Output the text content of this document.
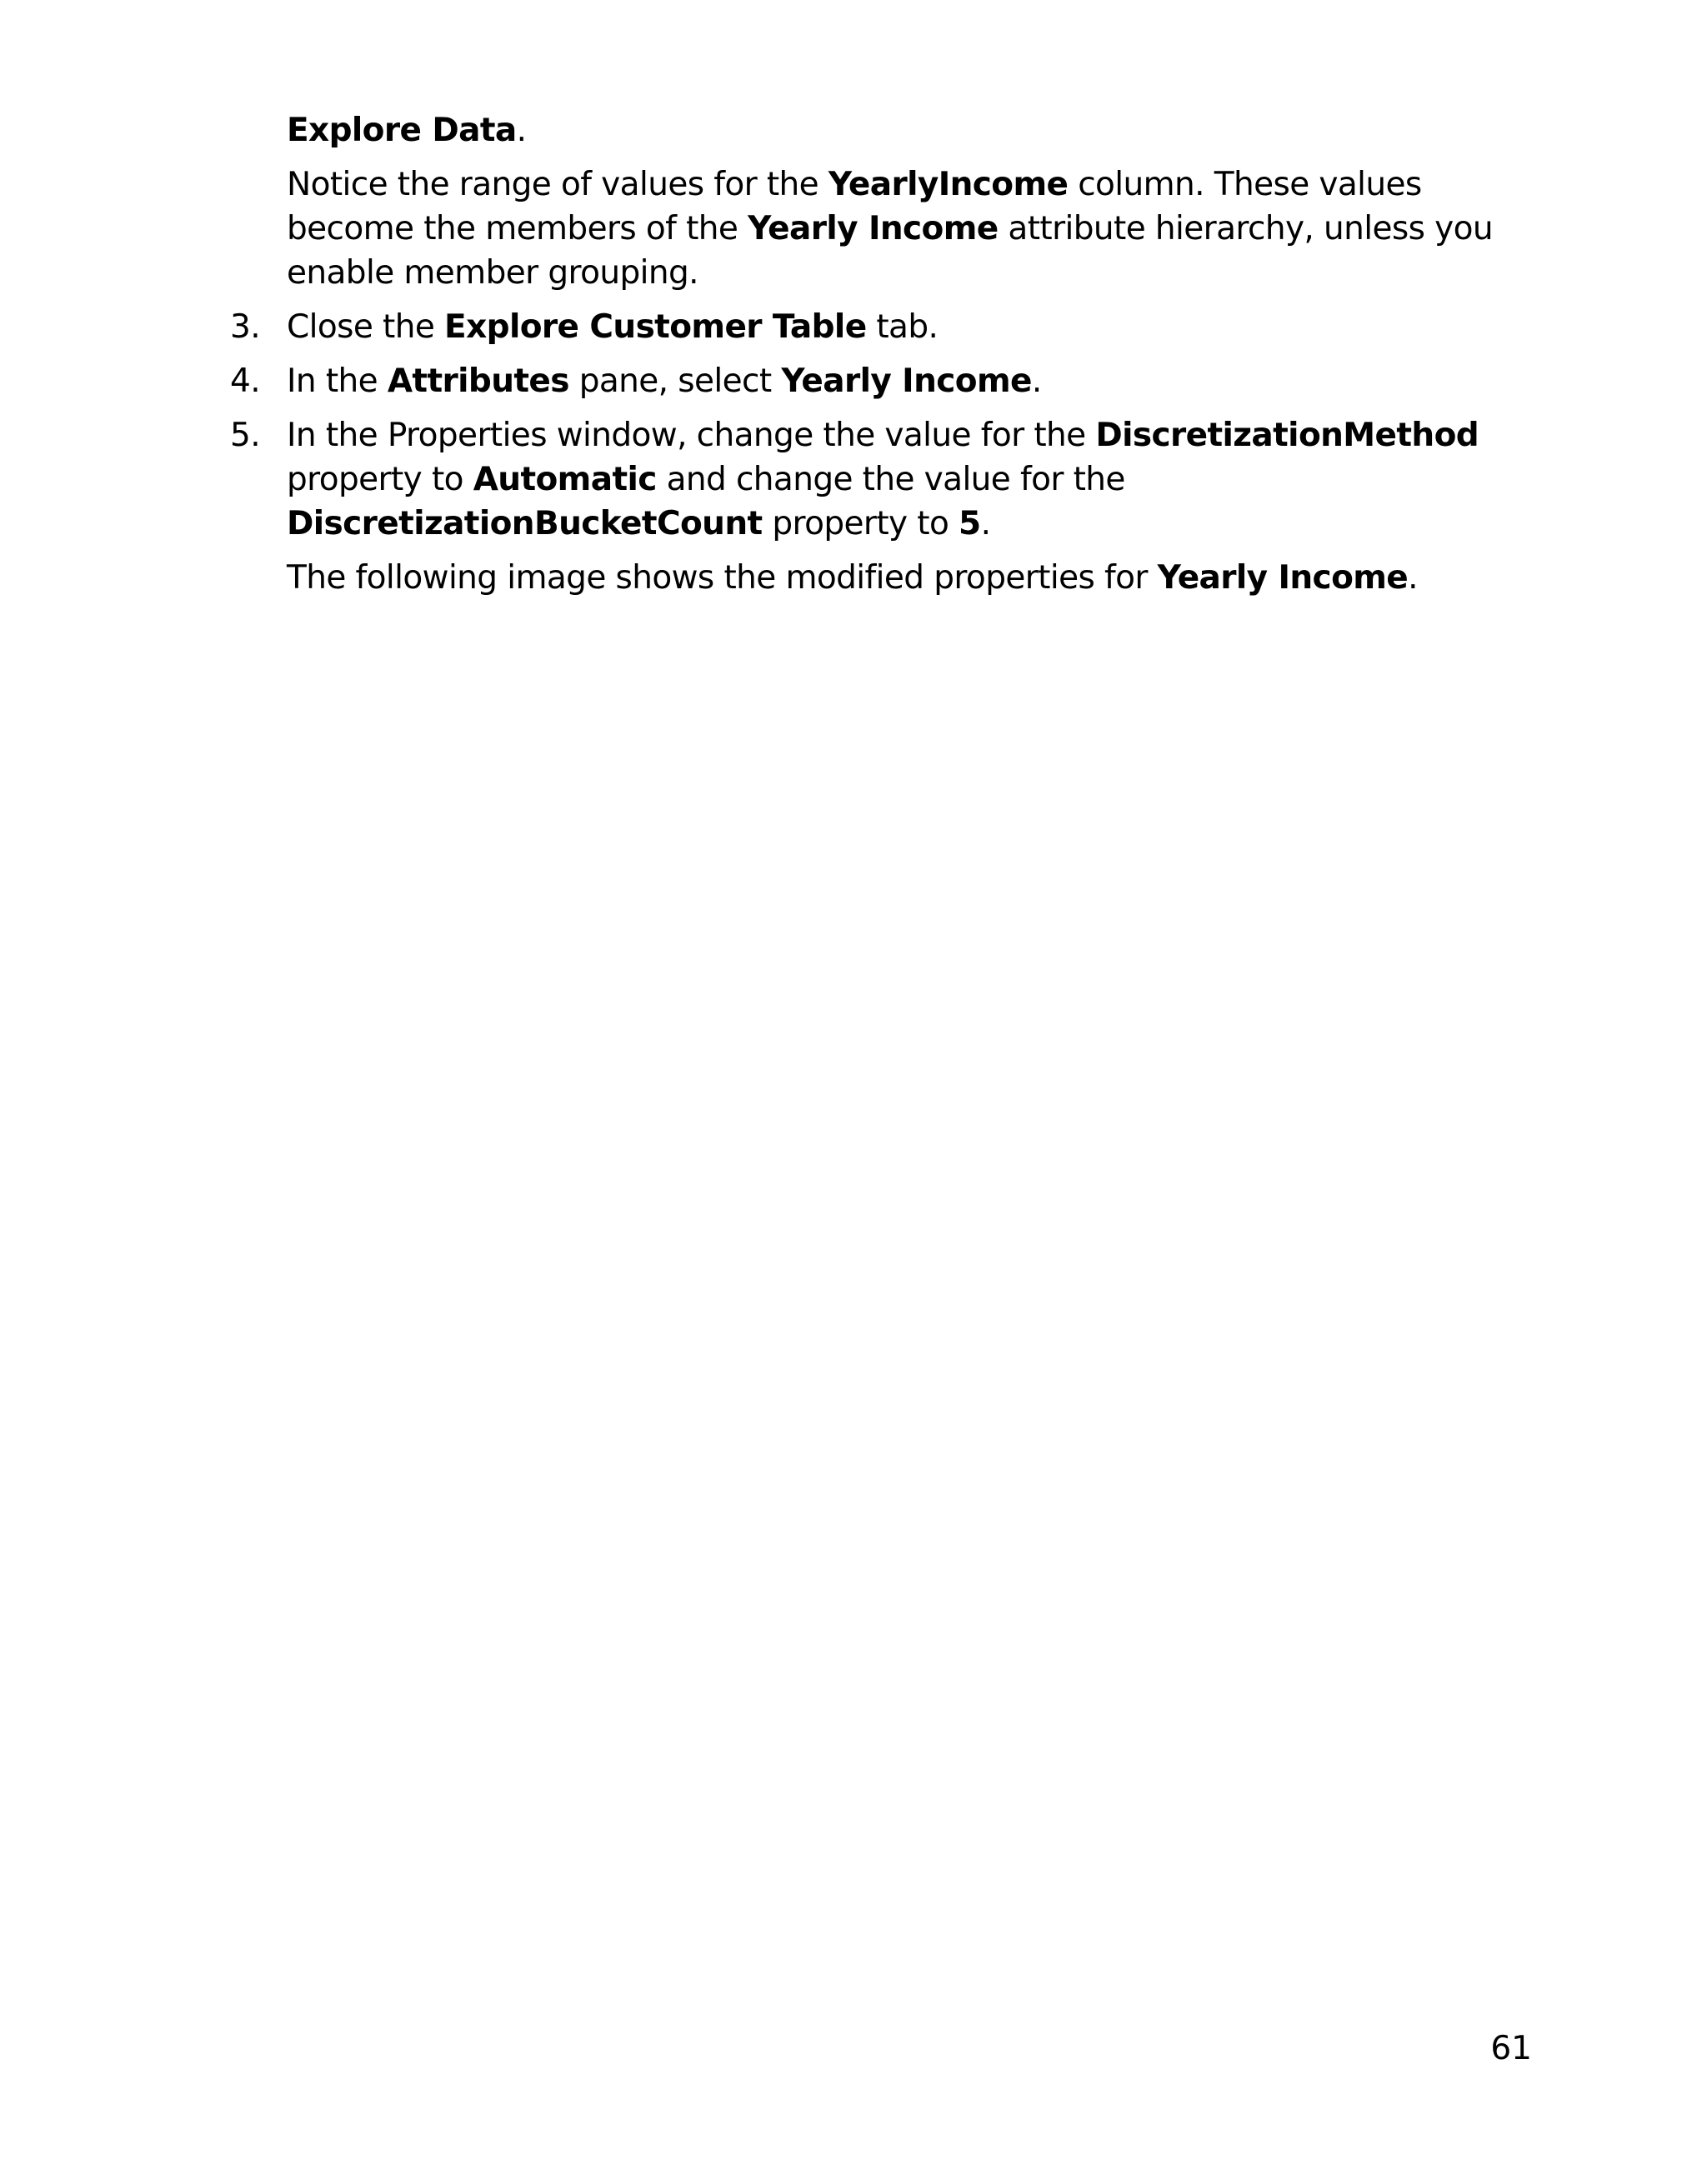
Explore Data.

Notice the range of values for the YearlyIncome column. These values become the members of the Yearly Income attribute hierarchy, unless you enable member grouping.

3. Close the Explore Customer Table tab.
4. In the Attributes pane, select Yearly Income.
5. In the Properties window, change the value for the DiscretizationMethod property to Automatic and change the value for the DiscretizationBucketCount property to 5.

The following image shows the modified properties for Yearly Income.

61
